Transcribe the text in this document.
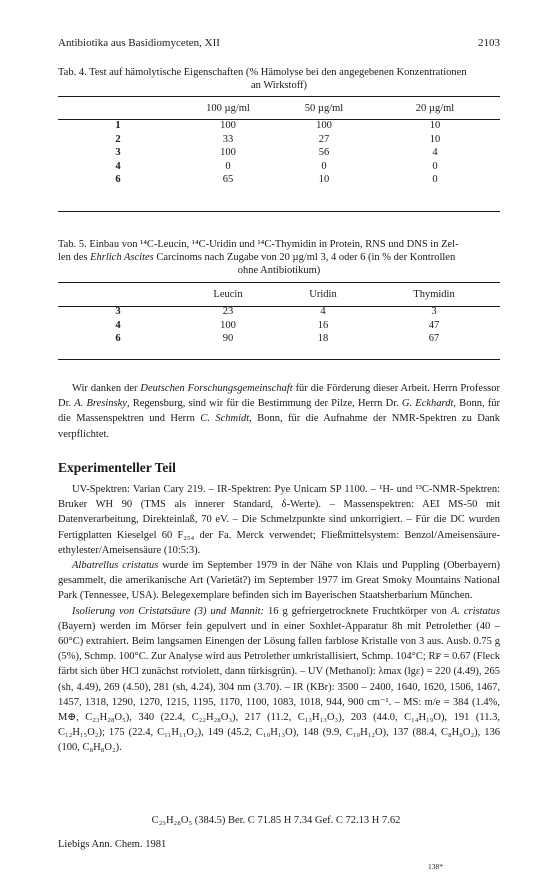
Antibiotika aus Basidiomyceten, XII	2103
Tab. 4. Test auf hämolytische Eigenschaften (% Hämolyse bei den angegebenen Konzentrationen
an Wirkstoff)
	100 µg/ml	50 µg/ml	20 µg/ml
1	100	100	10
2	33	27	10
3	100	56	4
4	0	0	0
6	65	10	0
Tab. 5. Einbau von ¹⁴C-Leucin, ¹⁴C-Uridin und ¹⁴C-Thymidin in Protein, RNS und DNS in Zel-
len des Ehrlich Ascites Carcinoms nach Zugabe von 20 µg/ml 3, 4 oder 6 (in % der Kontrollen
ohne Antibiotikum)
	Leucin	Uridin	Thymidin
3	23	4	3
4	100	16	47
6	90	18	67

Wir danken der Deutschen Forschungsgemeinschaft für die Förderung dieser Arbeit. Herrn Professor Dr. A. Bresinsky, Regensburg, sind wir für die Bestimmung der Pilze, Herrn Dr. G. Eckhardt, Bonn, für die Massenspektren und Herrn C. Schmidt, Bonn, für die Aufnahme der NMR-Spektren zu Dank verpflichtet.

Experimenteller Teil

UV-Spektren: Varian Cary 219. – IR-Spektren: Pye Unicam SP 1100. – ¹H- und ¹³C-NMR-Spektren: Bruker WH 90 (TMS als innerer Standard, δ-Werte). – Massenspektren: AEI MS-50 mit Datenverarbeitung, Direkteinlaß, 70 eV. – Die Schmelzpunkte sind unkorrigiert. – Für die DC wurden Fertigplatten Kieselgel 60 F₂₅₄ der Fa. Merck verwendet; Fließmittelsystem: Benzol/Ameisensäure-ethylester/Ameisensäure (10:5:3).

Albatrellus cristatus wurde im September 1979 in der Nähe von Klais und Puppling (Oberbayern) gesammelt, die amerikanische Art (Varietät?) im September 1977 im Great Smoky Mountains National Park (Tennessee, USA). Belegexemplare befinden sich im Bayerischen Staatsherbarium München.

Isolierung von Cristatsäure (3) und Mannit: 16 g gefriergetrocknete Fruchtkörper von A. cristatus (Bayern) werden im Mörser fein gepulvert und in einer Soxhlet-Apparatur 8h mit Petrolether (40 – 60°C) extrahiert. Beim langsamen Einengen der Lösung fallen farblose Kristalle von 3 aus. Ausb. 0.75 g (5%), Schmp. 100°C. Zur Analyse wird aus Petrolether umkristallisiert, Schmp. 104°C; Rꜰ = 0.67 (Fleck färbt sich über HCl zunächst rotviolett, dann türkisgrün). – UV (Methanol): λmax (lgε) = 220 (4.49), 265 (sh, 4.49), 269 (4.50), 281 (sh, 4.24), 304 nm (3.70). – IR (KBr): 3500 – 2400, 1640, 1620, 1506, 1467, 1457, 1318, 1290, 1270, 1215, 1195, 1170, 1100, 1083, 1018, 944, 900 cm⁻¹. – MS: m/e = 384 (1.4%, M⊕, C₂₃H₂₈O₅), 340 (22.4, C₂₂H₂₈O₃), 217 (11.2, C₁₃H₁₃O₃), 203 (44.0, C₁₄H₁₉O), 191 (11.3, C₁₂H₁₅O₂); 175 (22.4, C₁₁H₁₁O₂), 149 (45.2, C₁₀H₁₃O), 148 (9.9, C₁₀H₁₂O), 137 (88.4, C₈H₉O₂), 136 (100, C₈H₈O₂).

C₂₃H₂₈O₅ (384.5) Ber. C 71.85 H 7.34 Gef. C 72.13 H 7.62
Liebigs Ann. Chem. 1981
138*
